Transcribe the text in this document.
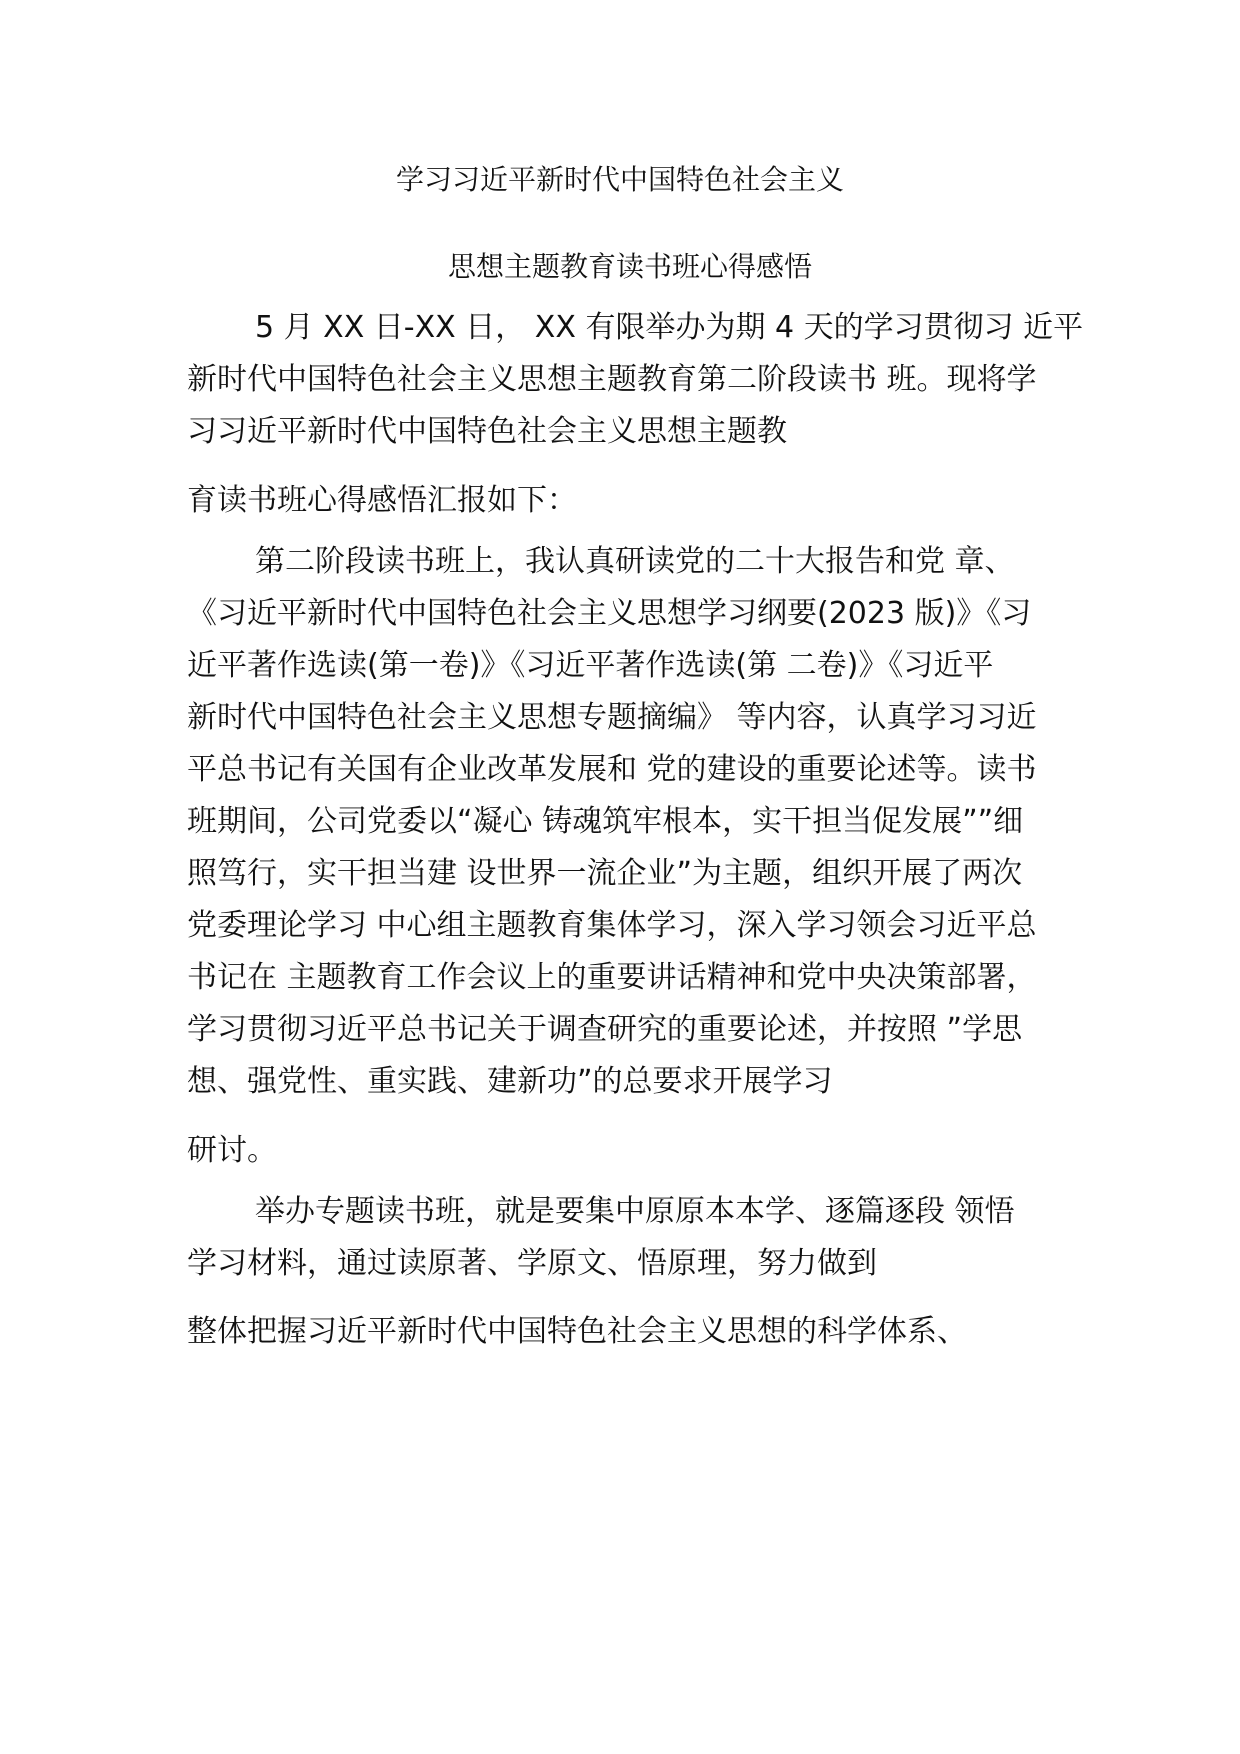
学习习近平新时代中国特色社会主义
思想主题教育读书班心得感悟
5 月 XX 日-XX 日， XX 有限举办为期 4 天的学习贯彻习 近平
新时代中国特色社会主义思想主题教育第二阶段读书 班。现将学
习习近平新时代中国特色社会主义思想主题教
育读书班心得感悟汇报如下：
第二阶段读书班上，我认真研读党的二十大报告和党 章、
《习近平新时代中国特色社会主义思想学习纲要(2023 版)》《习
近平著作选读(第一卷)》《习近平著作选读(第 二卷)》《习近平
新时代中国特色社会主义思想专题摘编》 等内容，认真学习习近
平总书记有关国有企业改革发展和 党的建设的重要论述等。读书
班期间，公司党委以“凝心 铸魂筑牢根本，实干担当促发展””细
照笃行，实干担当建 设世界一流企业”为主题，组织开展了两次
党委理论学习 中心组主题教育集体学习，深入学习领会习近平总
书记在 主题教育工作会议上的重要讲话精神和党中央决策部署，
学习贯彻习近平总书记关于调查研究的重要论述，并按照 ”学思
想、强党性、重实践、建新功”的总要求开展学习
研讨。
举办专题读书班，就是要集中原原本本学、逐篇逐段 领悟
学习材料，通过读原著、学原文、悟原理，努力做到
整体把握习近平新时代中国特色社会主义思想的科学体系、
